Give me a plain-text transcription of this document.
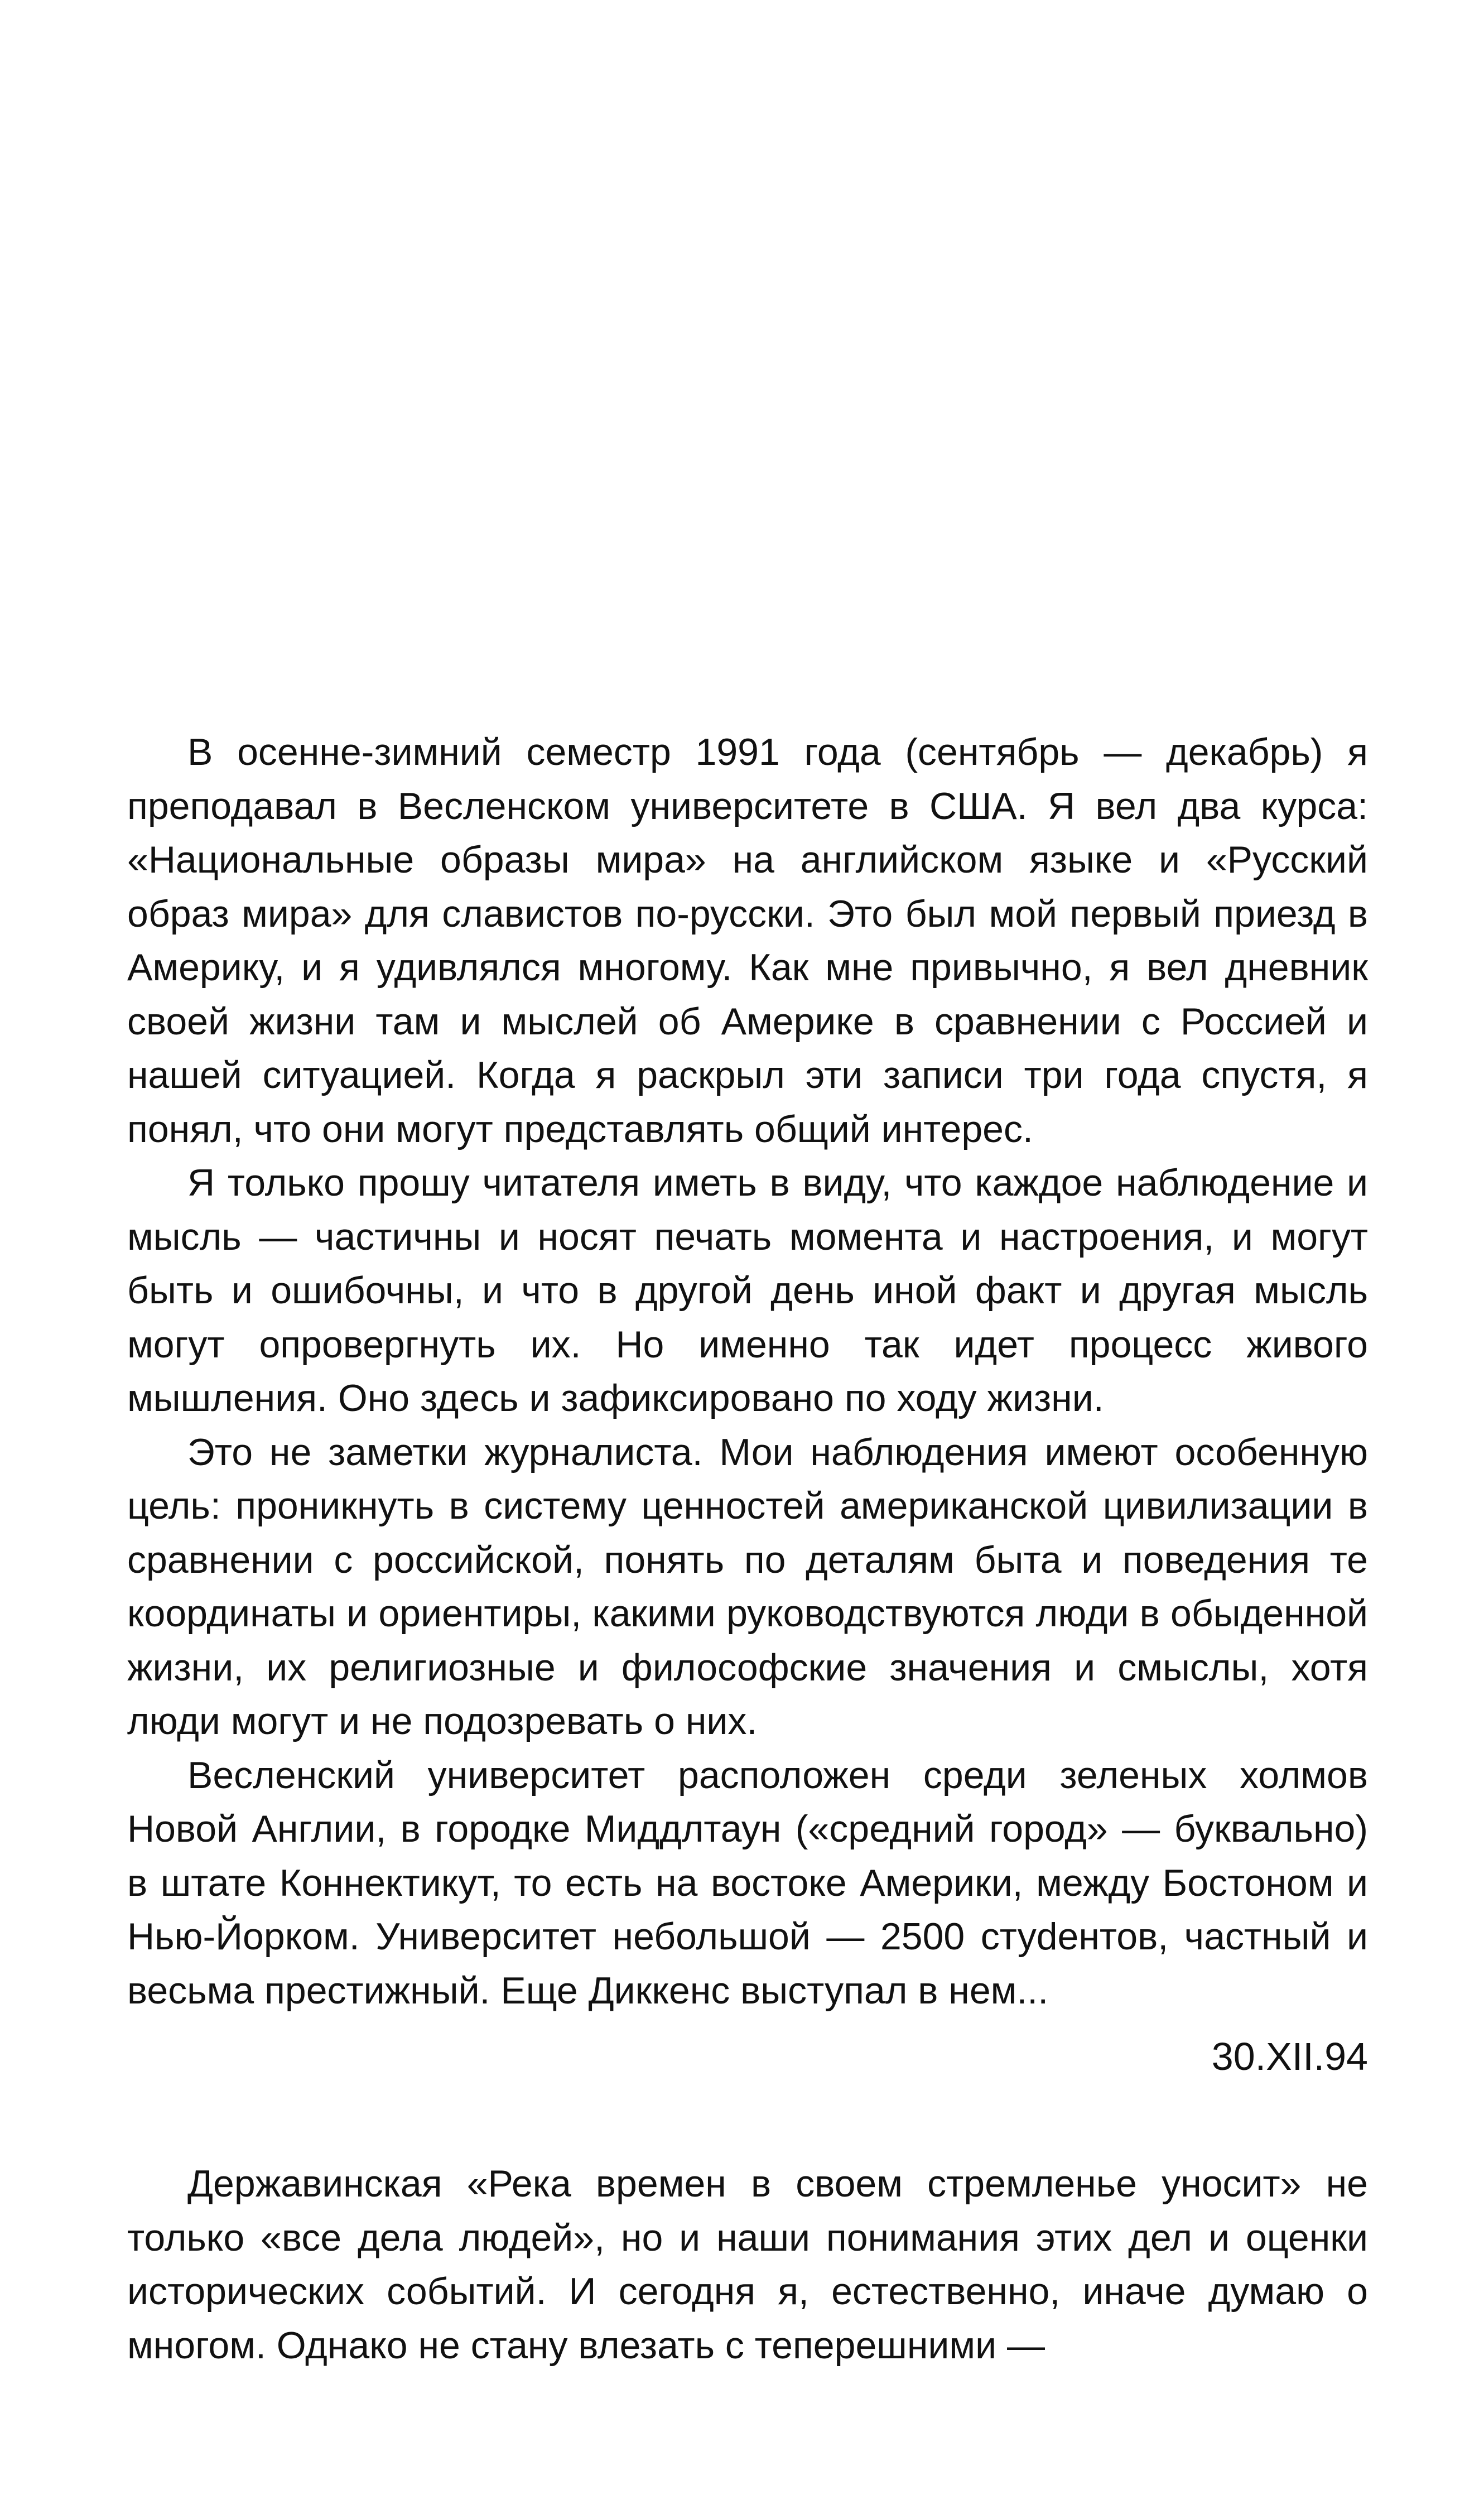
В осенне-зимний семестр 1991 года (сентябрь — декабрь) я преподавал в Весленском университете в США. Я вел два курса: «Национальные образы мира» на английском языке и «Русский образ мира» для славистов по-русски. Это был мой первый приезд в Америку, и я удивлялся многому. Как мне привычно, я вел дневник своей жизни там и мыслей об Америке в сравнении с Россией и нашей ситуацией. Когда я раскрыл эти записи три года спустя, я понял, что они могут представлять общий интерес.

Я только прошу читателя иметь в виду, что каждое наблюдение и мысль — частичны и носят печать момента и настроения, и могут быть и ошибочны, и что в другой день иной факт и другая мысль могут опровергнуть их. Но именно так идет процесс живого мышления. Оно здесь и зафиксировано по ходу жизни.

Это не заметки журналиста. Мои наблюдения имеют особенную цель: проникнуть в систему ценностей американской цивилизации в сравнении с российской, понять по деталям быта и поведения те координаты и ориентиры, какими руководствуются люди в обыденной жизни, их религиозные и философские значения и смыслы, хотя люди могут и не подозревать о них.

Весленский университет расположен среди зеленых холмов Новой Англии, в городке Миддлтаун («средний город» — буквально) в штате Коннектикут, то есть на востоке Америки, между Бостоном и Нью-Йорком. Университет небольшой — 2500 стуdентов, частный и весьма престижный. Еще Диккенс выступал в нем...

30.XII.94

Державинская «Река времен в своем стремленье уносит» не только «все дела людей», но и наши понимания этих дел и оценки исторических событий. И сегодня я, естественно, иначе думаю о многом. Однако не стану влезать с теперешними —
